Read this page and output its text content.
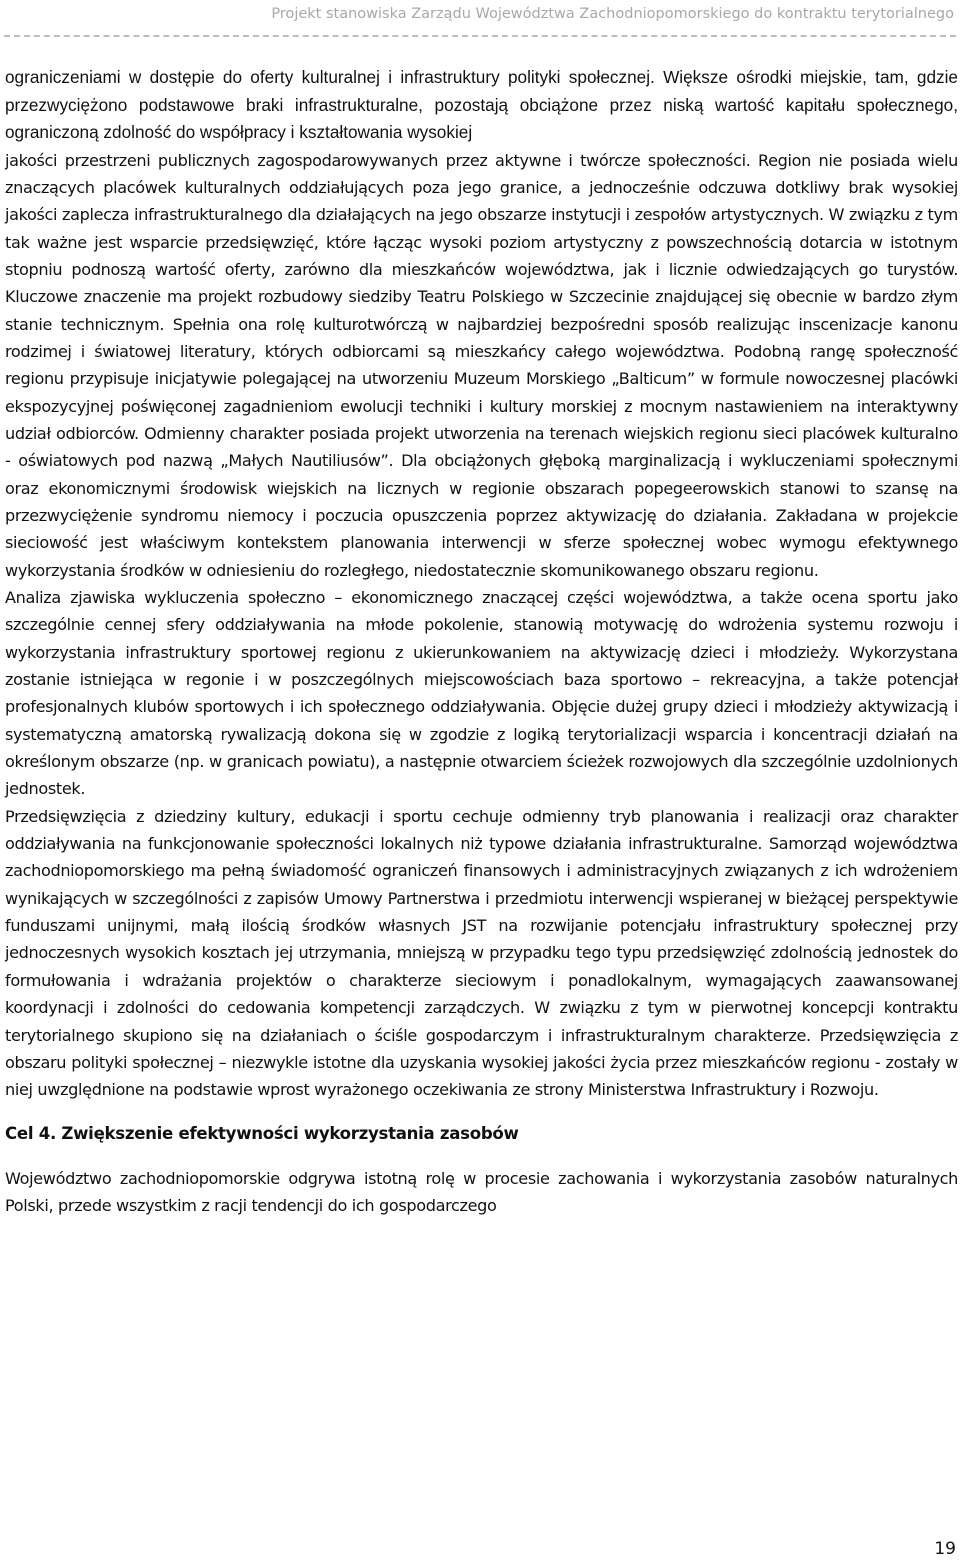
Projekt stanowiska Zarządu Województwa Zachodniopomorskiego do kontraktu terytorialnego

ograniczeniami w dostępie do oferty kulturalnej i infrastruktury polityki społecznej. Większe ośrodki miejskie, tam, gdzie przezwyciężono podstawowe braki infrastrukturalne, pozostają obciążone przez niską wartość kapitału społecznego, ograniczoną zdolność do współpracy i kształtowania wysokiej

jakości przestrzeni publicznych zagospodarowywanych przez aktywne i twórcze społeczności. Region nie posiada wielu znaczących placówek kulturalnych oddziałujących poza jego granice, a jednocześnie odczuwa dotkliwy brak wysokiej jakości zaplecza infrastrukturalnego dla działających na jego obszarze instytucji i zespołów artystycznych. W związku z tym tak ważne jest wsparcie przedsięwzięć, które łącząc wysoki poziom artystyczny z powszechnością dotarcia w istotnym stopniu podnoszą wartość oferty, zarówno dla mieszkańców województwa, jak i licznie odwiedzających go turystów. Kluczowe znaczenie ma projekt rozbudowy siedziby Teatru Polskiego w Szczecinie znajdującej się obecnie w bardzo złym stanie technicznym. Spełnia ona rolę kulturotwórczą w najbardziej bezpośredni sposób realizując inscenizacje kanonu rodzimej i światowej literatury, których odbiorcami są mieszkańcy całego województwa. Podobną rangę społeczność regionu przypisuje inicjatywie polegającej na utworzeniu Muzeum Morskiego „Balticum” w formule nowoczesnej placówki ekspozycyjnej poświęconej zagadnieniom ewolucji techniki i kultury morskiej z mocnym nastawieniem na interaktywny udział odbiorców. Odmienny charakter posiada projekt utworzenia na terenach wiejskich regionu sieci placówek kulturalno - oświatowych pod nazwą „Małych Nautiliusów”. Dla obciążonych głęboką marginalizacją i wykluczeniami społecznymi oraz ekonomicznymi środowisk wiejskich na licznych w regionie obszarach popegeerowskich stanowi to szansę na przezwyciężenie syndromu niemocy i poczucia opuszczenia poprzez aktywizację do działania. Zakładana w projekcie sieciowość jest właściwym kontekstem planowania interwencji w sferze społecznej wobec wymogu efektywnego wykorzystania środków w odniesieniu do rozległego, niedostatecznie skomunikowanego obszaru regionu.

Analiza zjawiska wykluczenia społeczno – ekonomicznego znaczącej części województwa, a także ocena sportu jako szczególnie cennej sfery oddziaływania na młode pokolenie, stanowią motywację do wdrożenia systemu rozwoju i wykorzystania infrastruktury sportowej regionu z ukierunkowaniem na aktywizację dzieci i młodzieży. Wykorzystana zostanie istniejąca w regonie i w poszczególnych miejscowościach baza sportowo – rekreacyjna, a także potencjał profesjonalnych klubów sportowych i ich społecznego oddziaływania. Objęcie dużej grupy dzieci i młodzieży aktywizacją i systematyczną amatorską rywalizacją dokona się w zgodzie z logiką terytorializacji wsparcia i koncentracji działań na określonym obszarze (np. w granicach powiatu), a następnie otwarciem ścieżek rozwojowych dla szczególnie uzdolnionych jednostek.

Przedsięwzięcia z dziedziny kultury, edukacji i sportu cechuje odmienny tryb planowania i realizacji oraz charakter oddziaływania na funkcjonowanie społeczności lokalnych niż typowe działania infrastrukturalne. Samorząd województwa zachodniopomorskiego ma pełną świadomość ograniczeń finansowych i administracyjnych związanych z ich wdrożeniem wynikających w szczególności z zapisów Umowy Partnerstwa i przedmiotu interwencji wspieranej w bieżącej perspektywie funduszami unijnymi, małą ilością środków własnych JST na rozwijanie potencjału infrastruktury społecznej przy jednoczesnych wysokich kosztach jej utrzymania, mniejszą w przypadku tego typu przedsięwzięć zdolnością jednostek do formułowania i wdrażania projektów o charakterze sieciowym i ponadlokalnym, wymagających zaawansowanej koordynacji i zdolności do cedowania kompetencji zarządczych. W związku z tym w pierwotnej koncepcji kontraktu terytorialnego skupiono się na działaniach o ściśle gospodarczym i infrastrukturalnym charakterze. Przedsięwzięcia z obszaru polityki społecznej – niezwykle istotne dla uzyskania wysokiej jakości życia przez mieszkańców regionu - zostały w niej uwzględnione na podstawie wprost wyrażonego oczekiwania ze strony Ministerstwa Infrastruktury i Rozwoju.

Cel 4. Zwiększenie efektywności wykorzystania zasobów

Województwo zachodniopomorskie odgrywa istotną rolę w procesie zachowania i wykorzystania zasobów naturalnych Polski, przede wszystkim z racji tendencji do ich gospodarczego

19
